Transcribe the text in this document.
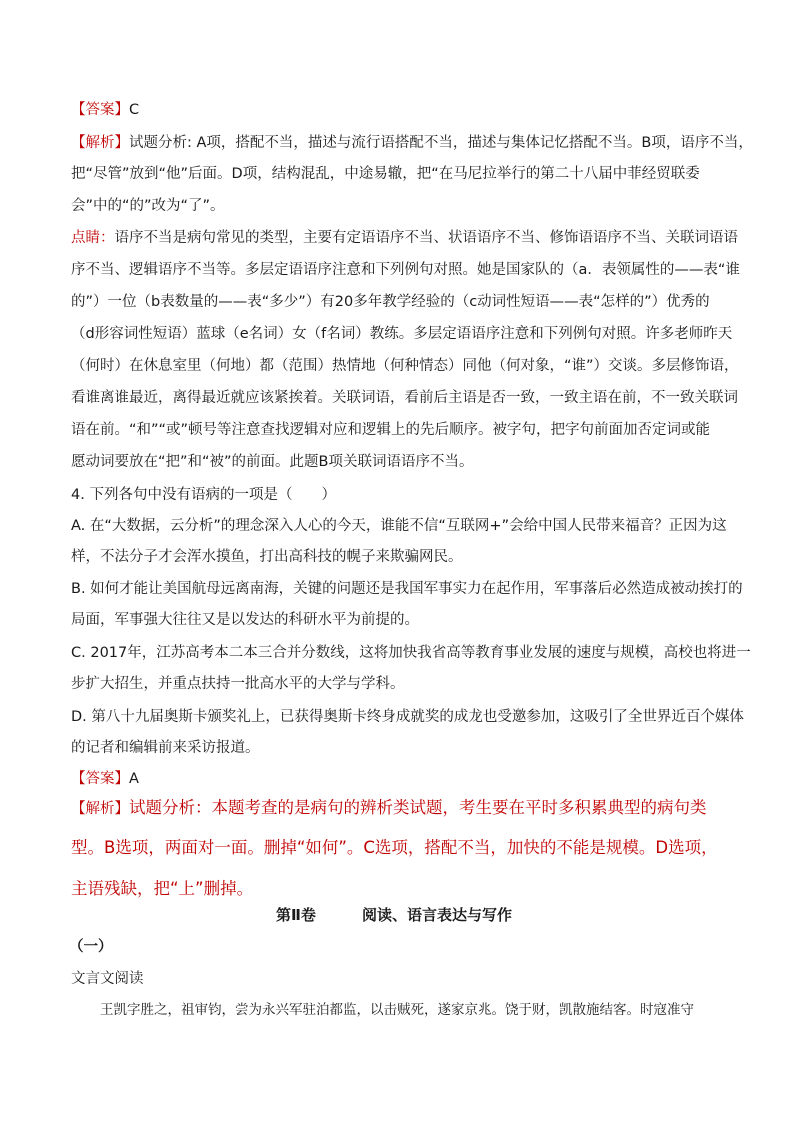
【答案】C
【解析】试题分析: A项，搭配不当，描述与流行语搭配不当，描述与集体记忆搭配不当。B项，语序不当，
把“尽管”放到“他”后面。D项，结构混乱，中途易辙，把“在马尼拉举行的第二十八届中菲经贸联委
会”中的“的”改为“了”。
点睛：语序不当是病句常见的类型，主要有定语语序不当、状语语序不当、修饰语语序不当、关联词语语
序不当、逻辑语序不当等。多层定语语序注意和下列例句对照。她是国家队的（a．表领属性的——表“谁
的”）一位（b表数量的——表“多少”）有20多年教学经验的（c动词性短语——表“怎样的”）优秀的
（d形容词性短语）蓝球（e名词）女（f名词）教练。多层定语语序注意和下列例句对照。许多老师昨天
（何时）在休息室里（何地）都（范围）热情地（何种情态）同他（何对象，“谁”）交谈。多层修饰语，
看谁离谁最近，离得最近就应该紧挨着。关联词语，看前后主语是否一致，一致主语在前，不一致关联词
语在前。“和”“或”顿号等注意查找逻辑对应和逻辑上的先后顺序。被字句，把字句前面加否定词或能
愿动词要放在“把”和“被”的前面。此题B项关联词语语序不当。
4. 下列各句中没有语病的一项是（　　）
A. 在“大数据，云分析”的理念深入人心的今天，谁能不信“互联网+”会给中国人民带来福音？正因为这
样，不法分子才会浑水摸鱼，打出高科技的幌子来欺骗网民。
B. 如何才能让美国航母远离南海，关键的问题还是我国军事实力在起作用，军事落后必然造成被动挨打的
局面，军事强大往往又是以发达的科研水平为前提的。
C. 2017年，江苏高考本二本三合并分数线，这将加快我省高等教育事业发展的速度与规模，高校也将进一
步扩大招生，并重点扶持一批高水平的大学与学科。
D. 第八十九届奥斯卡颁奖礼上，已获得奥斯卡终身成就奖的成龙也受邀参加，这吸引了全世界近百个媒体
的记者和编辑前来采访报道。
【答案】A
【解析】试题分析：本题考查的是病句的辨析类试题，考生要在平时多积累典型的病句类
型。B选项，两面对一面。删掉“如何”。C选项，搭配不当，加快的不能是规模。D选项，
主语残缺，把“上”删掉。
第Ⅱ卷	阅读、语言表达与写作
（一）
文言文阅读
王凯字胜之，祖审钧，尝为永兴军驻泊都监，以击贼死，遂家京兆。饶于财，凯散施结客。时寇准守
